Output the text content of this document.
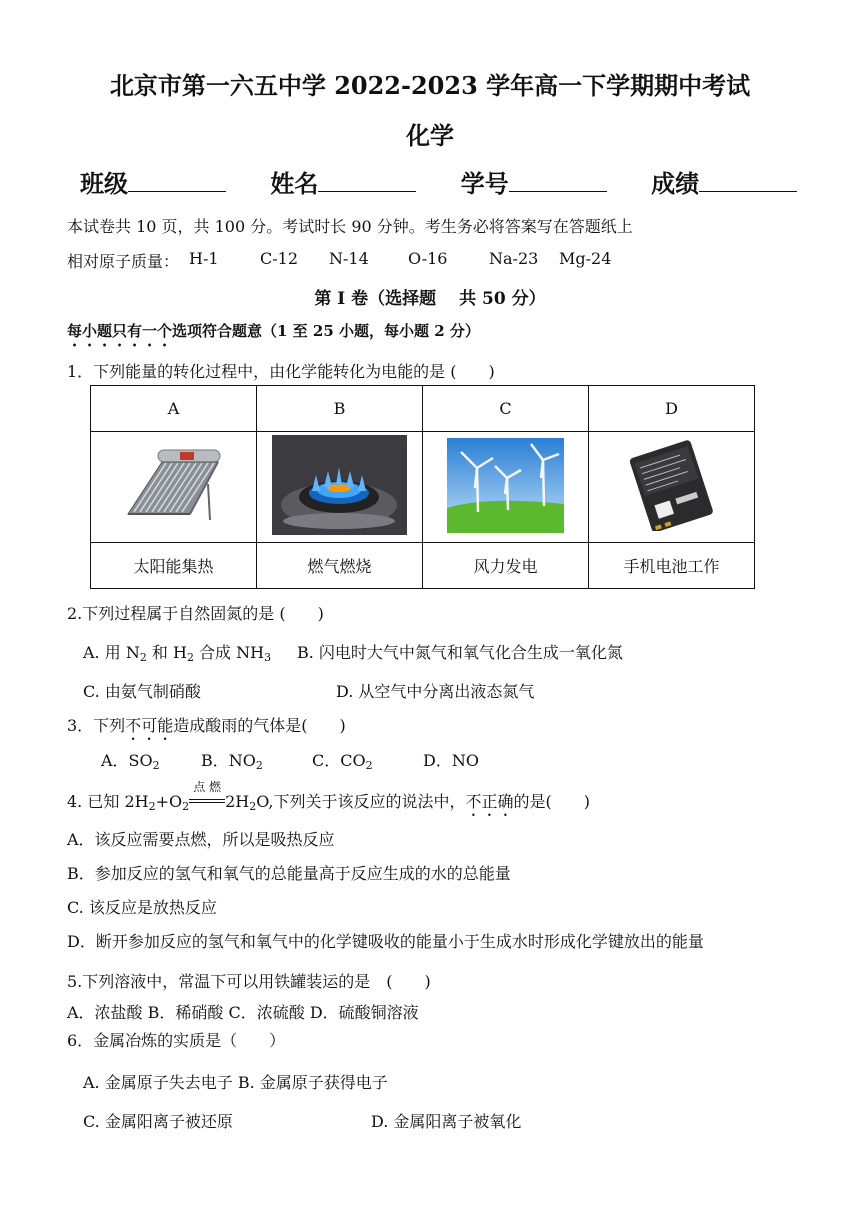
北京市第一六五中学 2022-2023 学年高一下学期期中考试
化学
班级	姓名	学号	成绩
本试卷共 10 页，共 100 分。考试时长 90 分钟。考生务必将答案写在答题纸上
相对原子质量： H-1	C-12 N-14 O-16	Na-23 Mg-24
第 I 卷（选择题　 共 50 分）
每小题只有一个选项符合题意（1 至 25 小题，每小题 2 分）
1．下列能量的转化过程中，由化学能转化为电能的是 (　　)
A	B	C	D

太阳能集热	燃气燃烧	风力发电	手机电池工作
2.下列过程属于自然固氮的是 (　　)
A. 用 $N_2$ 和 $H_2$ 合成 $NH_3$ B. 闪电时大气中氮气和氧气化合生成一氧化氮
C. 由氨气制硝酸	D. 从空气中分离出液态氮气
3．下列不可能造成酸雨的气体是(　　)
A．$SO_2$	B．$NO_2$	C．$CO_2$	D．NO
4. 已知 $2H_2+O_2$
点 燃
$2H_2O$,下列关于该反应的说法中，不正确的是(　　)
A．该反应需要点燃，所以是吸热反应
B．参加反应的氢气和氧气的总能量高于反应生成的水的总能量
C. 该反应是放热反应
D．断开参加反应的氢气和氧气中的化学键吸收的能量小于生成水时形成化学键放出的能量
5.下列溶液中，常温下可以用铁罐装运的是　(　　)
A．浓盐酸 B．稀硝酸 C．浓硫酸 D．硫酸铜溶液
6．金属冶炼的实质是（　　）
A. 金属原子失去电子 B. 金属原子获得电子
C. 金属阳离子被还原	D. 金属阳离子被氧化
